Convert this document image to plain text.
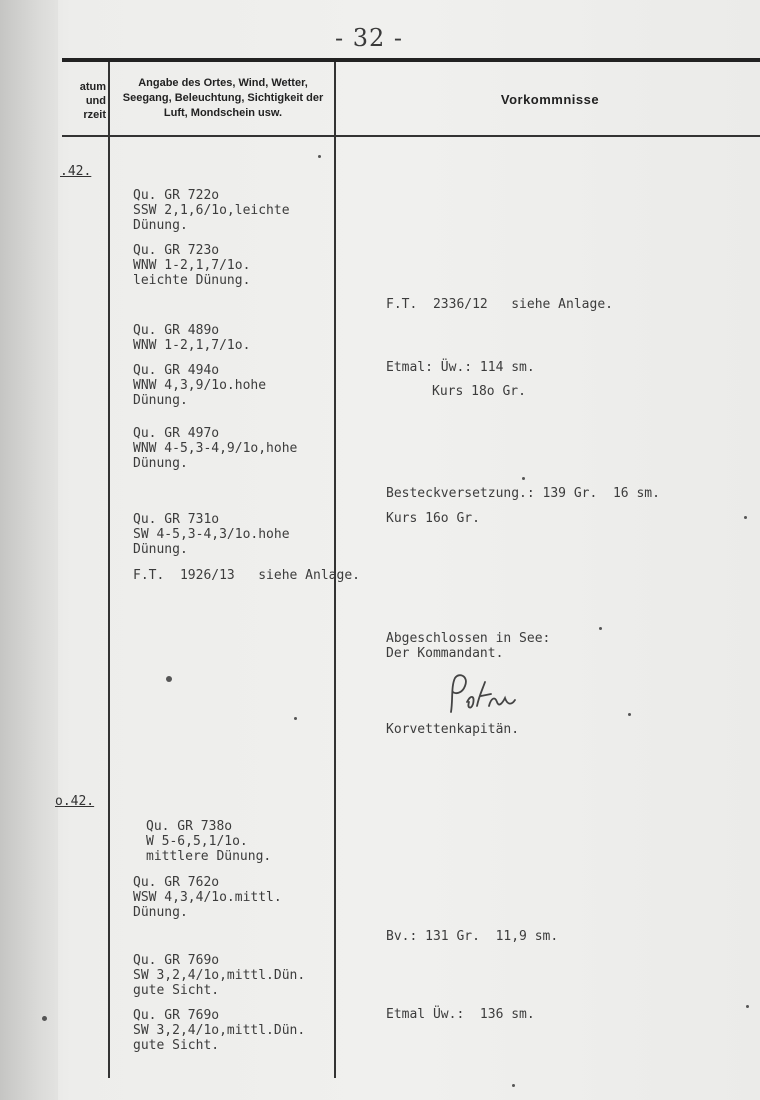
- 32 -
atum
und
rzeit
Angabe des Ortes, Wind, Wetter, Seegang, Beleuchtung, Sichtigkeit der Luft, Mondschein usw.
Vorkommnisse
.42.
o.42.
Qu. GR 722o
SSW 2,1,6/1o,leichte
Dünung.
Qu. GR 723o
WNW 1-2,1,7/1o.
leichte Dünung.
Qu. GR 489o
WNW 1-2,1,7/1o.
Qu. GR 494o
WNW 4,3,9/1o.hohe
Dünung.
Qu. GR 497o
WNW 4-5,3-4,9/1o,hohe
Dünung.
Qu. GR 731o
SW 4-5,3-4,3/1o.hohe
Dünung.
F.T.  1926/13   siehe Anlage.
Qu. GR 738o
W 5-6,5,1/1o.
mittlere Dünung.
Qu. GR 762o
WSW 4,3,4/1o.mittl.
Dünung.
Qu. GR 769o
SW 3,2,4/1o,mittl.Dün.
gute Sicht.
Qu. GR 769o
SW 3,2,4/1o,mittl.Dün.
gute Sicht.
F.T.  2336/12   siehe Anlage.
Etmal: Üw.: 114 sm.
Kurs 18o Gr.
Besteckversetzung.: 139 Gr.  16 sm.
Kurs 16o Gr.
Abgeschlossen in See:
Der Kommandant.
Korvettenkapitän.
Bv.: 131 Gr.  11,9 sm.
Etmal Üw.:  136 sm.
